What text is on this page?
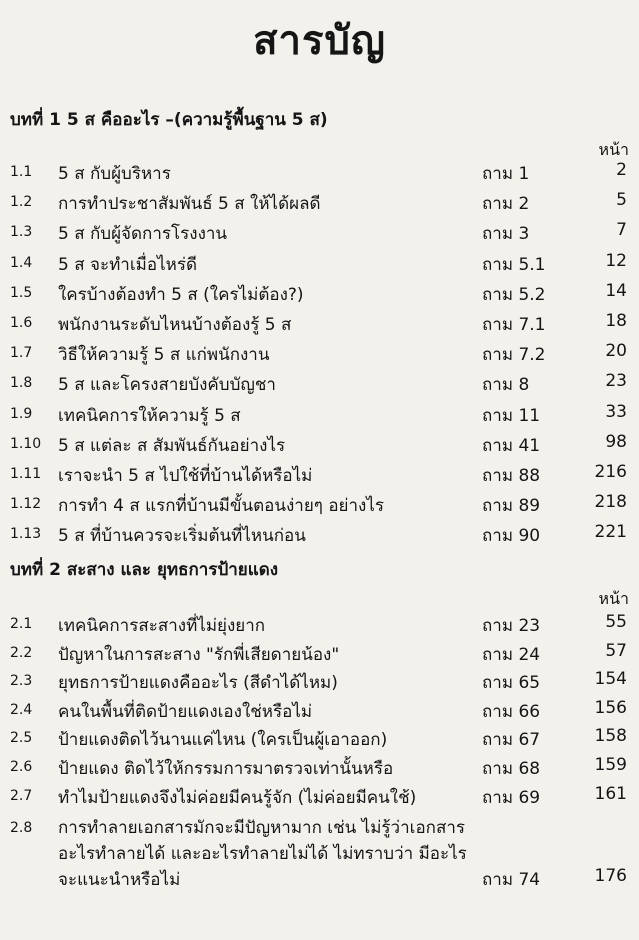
สารบัญ
บทที่ 1 5 ส คืออะไร –(ความรู้พื้นฐาน 5 ส)
หน้า
1.1 5 ส กับผู้บริหาร	ถาม 1	2
1.2 การทำประชาสัมพันธ์ 5 ส ให้ได้ผลดี	ถาม 2	5
1.3 5 ส กับผู้จัดการโรงงาน	ถาม 3	7
1.4 5 ส จะทำเมื่อไหร่ดี	ถาม 5.1	12
1.5 ใครบ้างต้องทำ 5 ส (ใครไม่ต้อง?)	ถาม 5.2	14
1.6 พนักงานระดับไหนบ้างต้องรู้ 5 ส	ถาม 7.1	18
1.7 วิธีให้ความรู้ 5 ส แก่พนักงาน	ถาม 7.2	20
1.8 5 ส และโครงสายบังคับบัญชา	ถาม 8	23
1.9 เทคนิคการให้ความรู้ 5 ส	ถาม 11	33
1.10 5 ส แต่ละ ส สัมพันธ์กันอย่างไร	ถาม 41	98
1.11 เราจะนำ 5 ส ไปใช้ที่บ้านได้หรือไม่	ถาม 88	216
1.12 การทำ 4 ส แรกที่บ้านมีขั้นตอนง่ายๆ อย่างไร	ถาม 89	218
1.13 5 ส ที่บ้านควรจะเริ่มต้นที่ไหนก่อน	ถาม 90	221
บทที่ 2 สะสาง และ ยุทธการป้ายแดง
หน้า
2.1 เทคนิคการสะสางที่ไม่ยุ่งยาก	ถาม 23	55
2.2 ปัญหาในการสะสาง "รักพี่เสียดายน้อง"	ถาม 24	57
2.3 ยุทธการป้ายแดงคืออะไร (สีดำได้ไหม)	ถาม 65	154
2.4 คนในพื้นที่ติดป้ายแดงเองใช่หรือไม่	ถาม 66	156
2.5 ป้ายแดงติดไว้นานแค่ไหน (ใครเป็นผู้เอาออก)	ถาม 67	158
2.6 ป้ายแดง ติดไว้ให้กรรมการมาตรวจเท่านั้นหรือ	ถาม 68	159
2.7 ทำไมป้ายแดงจึงไม่ค่อยมีคนรู้จัก (ไม่ค่อยมีคนใช้)	ถาม 69	161
2.8 การทำลายเอกสารมักจะมีปัญหามาก เช่น ไม่รู้ว่าเอกสาร
อะไรทำลายได้ และอะไรทำลายไม่ได้ ไม่ทราบว่า มีอะไร
จะแนะนำหรือไม่	ถาม 74	176
